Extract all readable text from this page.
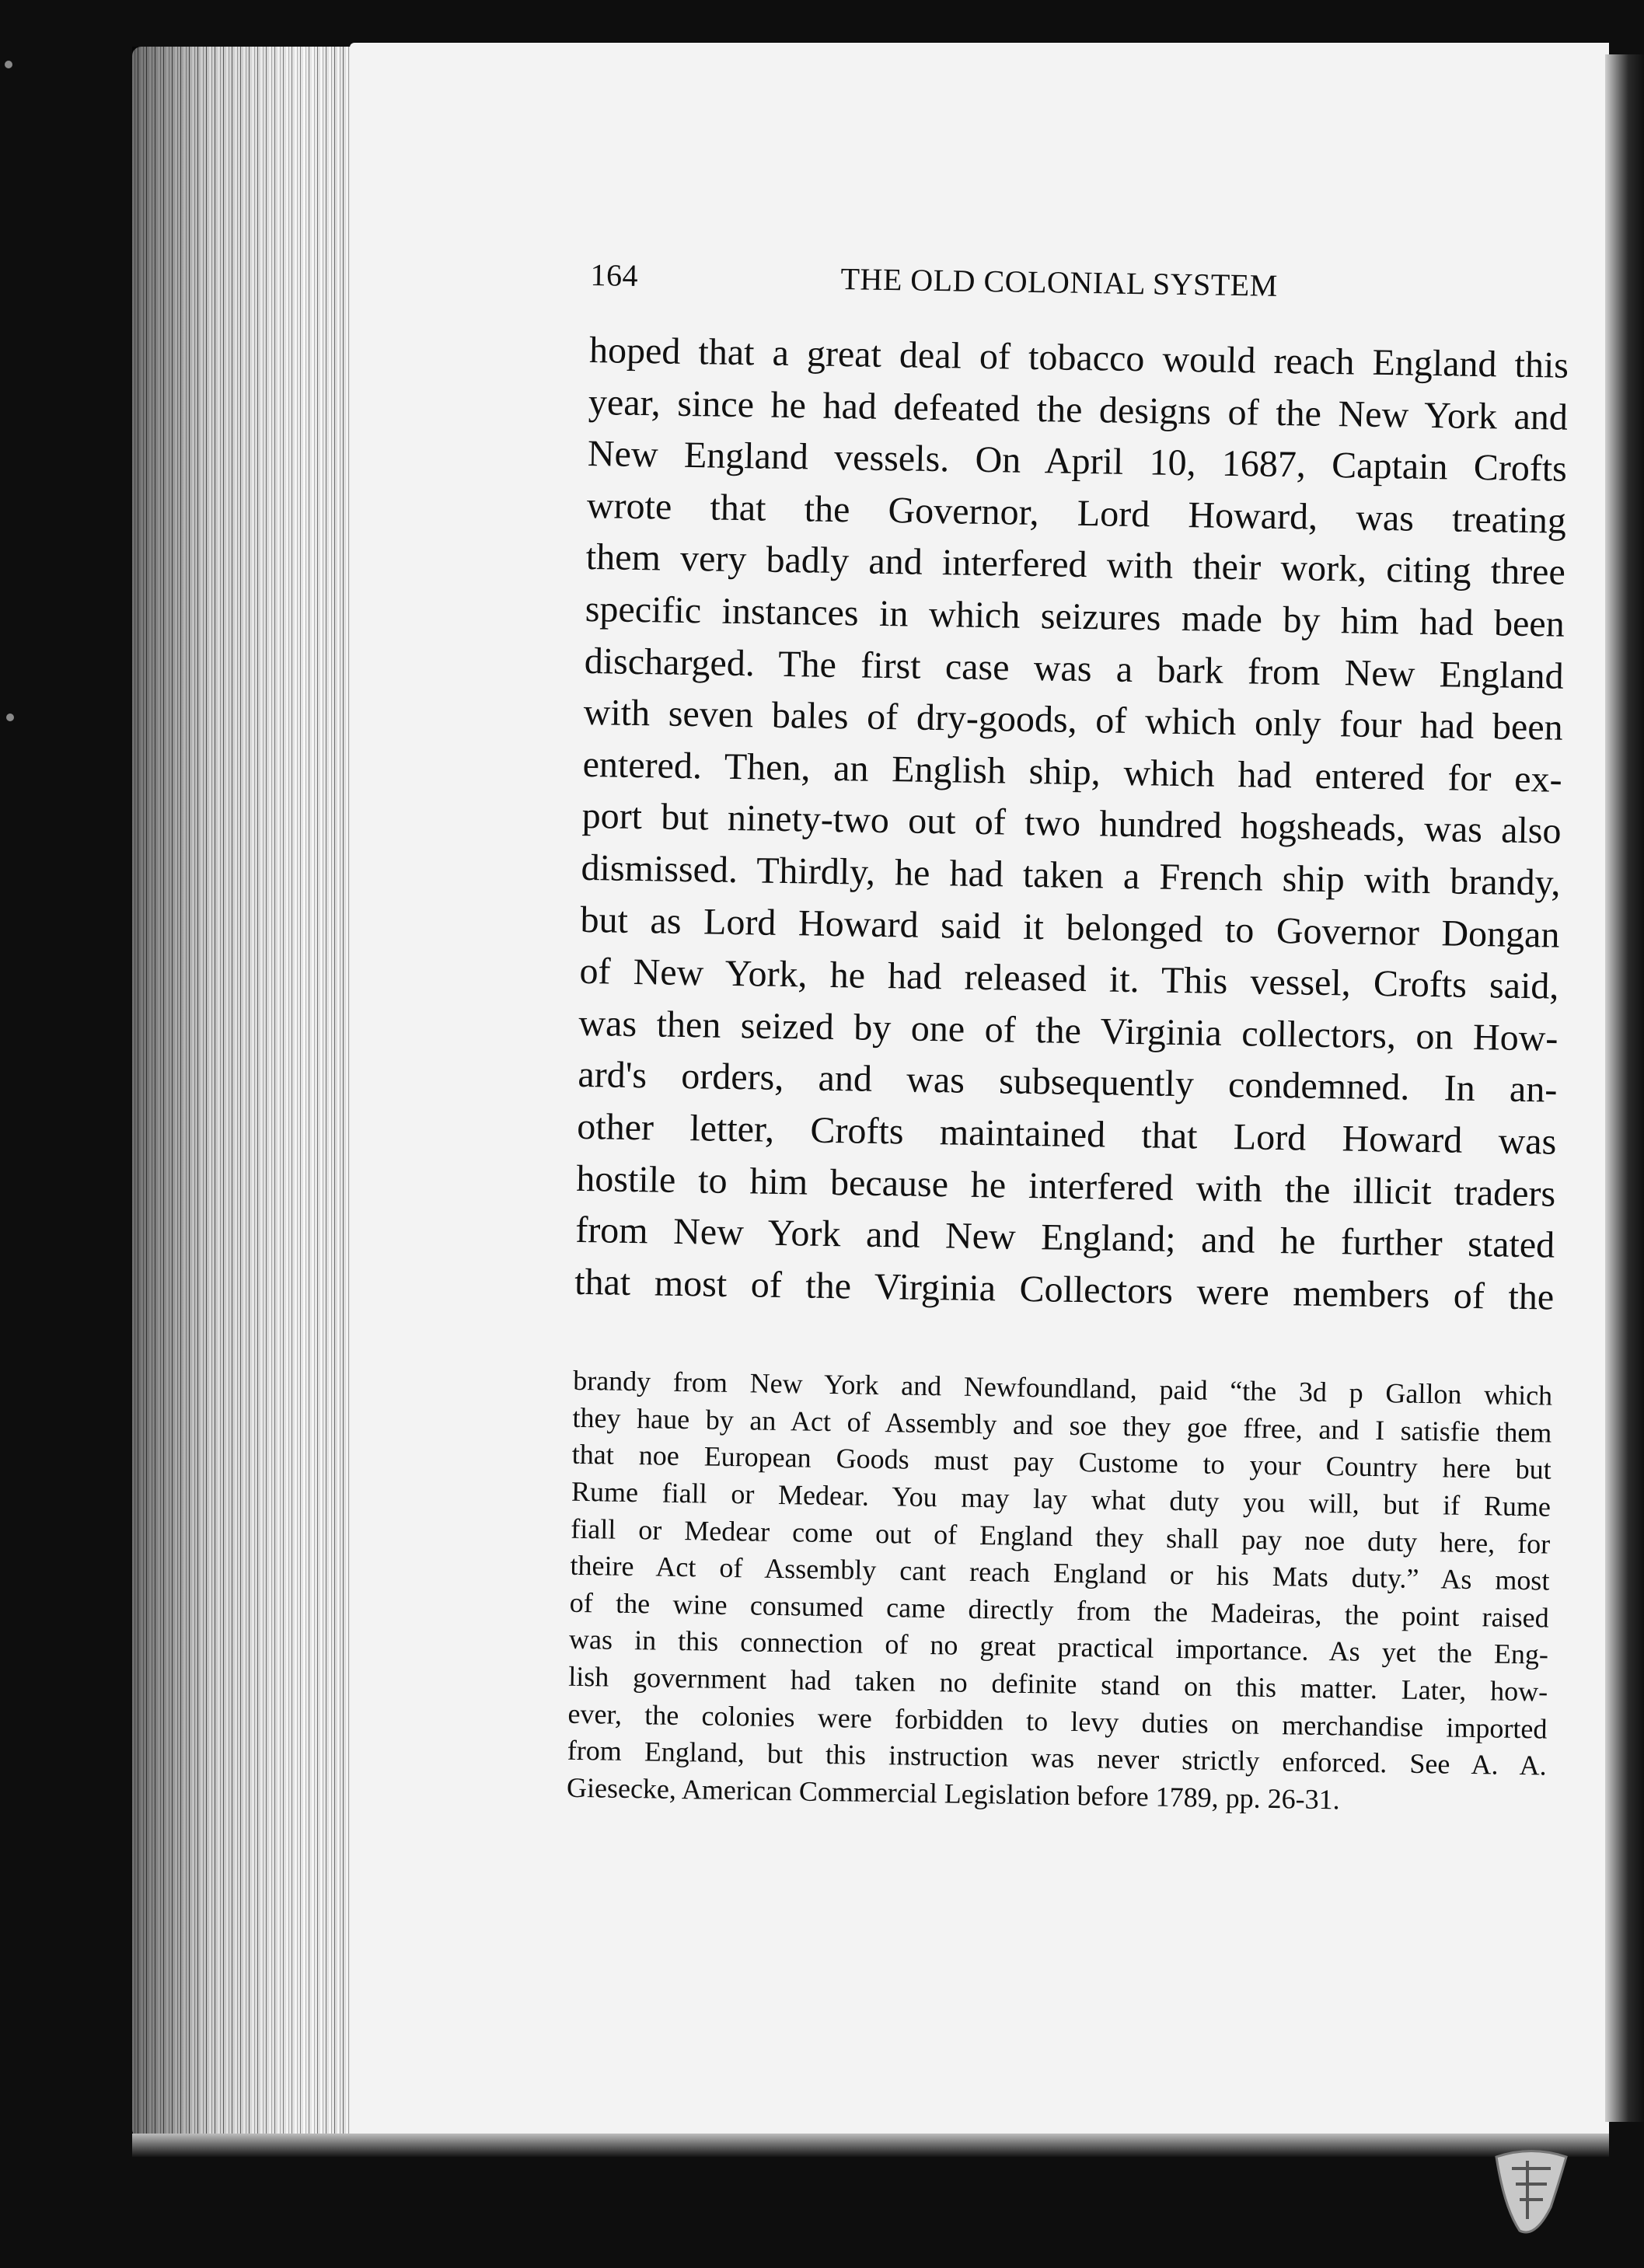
164	THE OLD COLONIAL SYSTEM
hoped that a great deal of tobacco would reach England this
year, since he had defeated the designs of the New York and
New England vessels. On April 10, 1687, Captain Crofts
wrote that the Governor, Lord Howard, was treating
them very badly and interfered with their work, citing three
specific instances in which seizures made by him had been
discharged. The first case was a bark from New England
with seven bales of dry-goods, of which only four had been
entered. Then, an English ship, which had entered for ex-
port but ninety-two out of two hundred hogsheads, was also
dismissed. Thirdly, he had taken a French ship with brandy,
but as Lord Howard said it belonged to Governor Dongan
of New York, he had released it. This vessel, Crofts said,
was then seized by one of the Virginia collectors, on How-
ard's orders, and was subsequently condemned. In an-
other letter, Crofts maintained that Lord Howard was
hostile to him because he interfered with the illicit traders
from New York and New England; and he further stated
that most of the Virginia Collectors were members of the
brandy from New York and Newfoundland, paid “the 3d p Gallon which
they haue by an Act of Assembly and soe they goe ffree, and I satisfie them
that noe European Goods must pay Custome to your Country here but
Rume fiall or Medear. You may lay what duty you will, but if Rume
fiall or Medear come out of England they shall pay noe duty here, for
theire Act of Assembly cant reach England or his Mats duty.” As most
of the wine consumed came directly from the Madeiras, the point raised
was in this connection of no great practical importance. As yet the Eng-
lish government had taken no definite stand on this matter. Later, how-
ever, the colonies were forbidden to levy duties on merchandise imported
from England, but this instruction was never strictly enforced. See A. A.
Giesecke, American Commercial Legislation before 1789, pp. 26-31.
